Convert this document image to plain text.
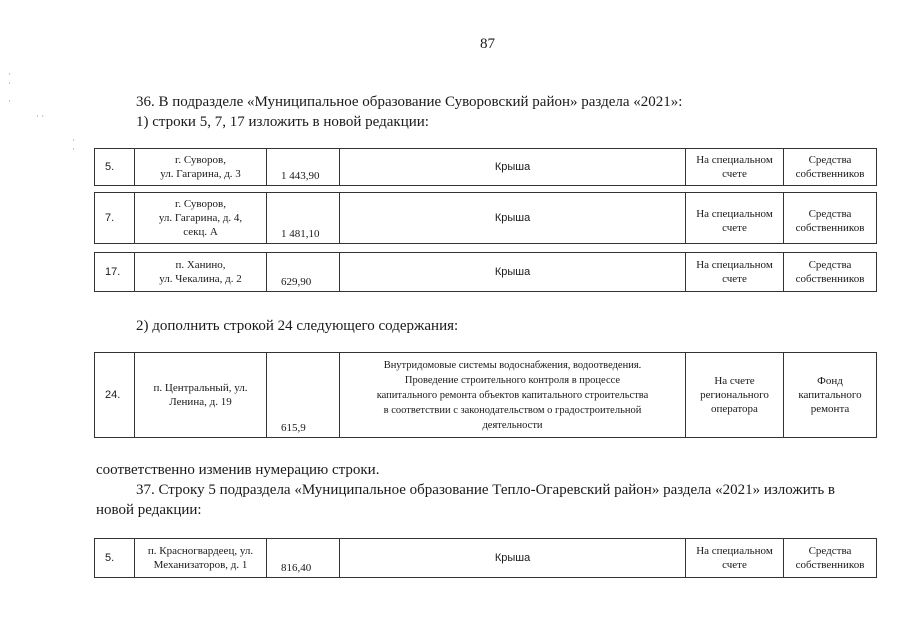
·
·

·
· ·
·
·
87
36. В подразделе «Муниципальное образование Суворовский район» раздела «2021»:
1) строки 5, 7, 17 изложить в новой редакции:
5.	г. Суворов,
ул. Гагарина, д. 3	1 443,90	Крыша	На специальном
счете	Средства
собственников
7.	г. Суворов,
ул. Гагарина, д. 4,
секц. А	1 481,10	Крыша	На специальном
счете	Средства
собственников
17.	п. Ханино,
ул. Чекалина, д. 2	629,90	Крыша	На специальном
счете	Средства
собственников
2) дополнить строкой 24 следующего содержания:
24.	п. Центральный, ул.
Ленина, д. 19	615,9	Внутридомовые системы водоснабжения, водоотведения.
Проведение строительного контроля в процессе
капитального ремонта объектов капитального строительства
в соответствии с законодательством о градостроительной
деятельности	На счете
регионального
оператора	Фонд
капитального
ремонта
соответственно изменив нумерацию строки.
37. Строку 5 подраздела «Муниципальное образование Тепло-Огаревский район» раздела «2021» изложить в
новой редакции:
5.	п. Красногвардеец, ул.
Механизаторов, д. 1	816,40	Крыша	На специальном
счете	Средства
собственников
